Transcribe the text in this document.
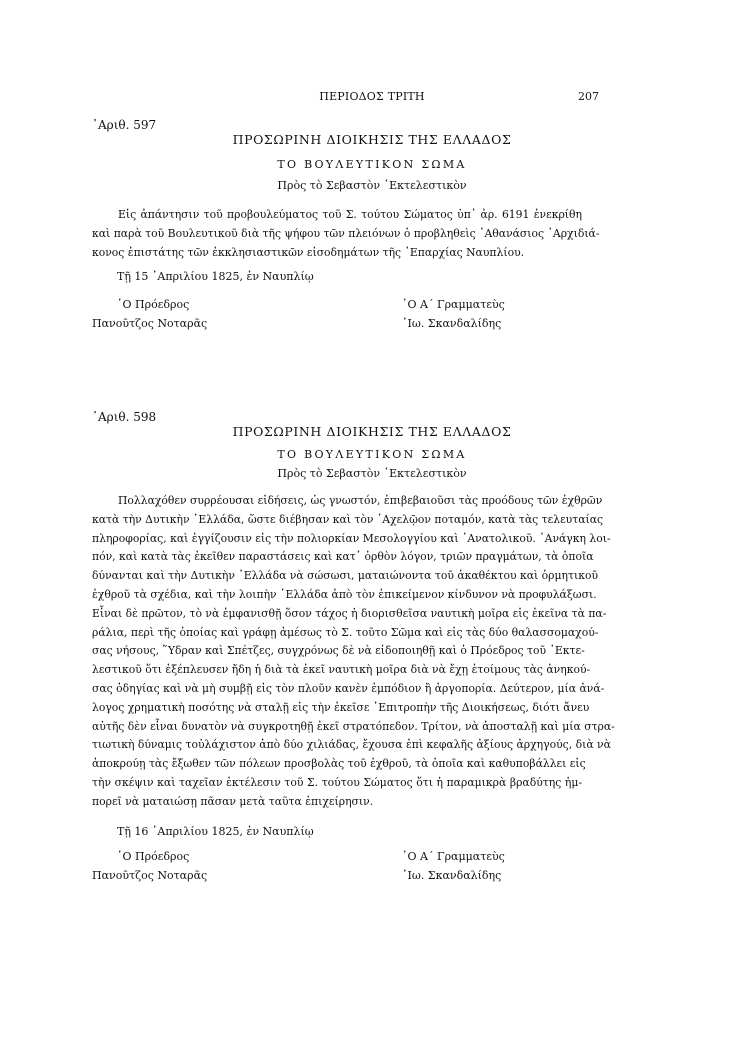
ΠΕΡΙΟΔΟΣ ΤΡΙΤΗ	207
᾿Αριθ. 597
ΠΡΟΣΩΡΙΝΗ ΔΙΟΙΚΗΣΙΣ ΤΗΣ ΕΛΛΑΔΟΣ
ΤΟ ΒΟΥΛΕΥΤΙΚΟΝ ΣΩΜΑ
Πρὸς τὸ Σεβαστὸν ᾿Εκτελεστικὸν
Εἰς ἀπάντησιν τοῦ προβουλεύματος τοῦ Σ. τούτου Σώματος ὑπ᾿ ἀρ. 6191 ἐνεκρίθη
καὶ παρὰ τοῦ Βουλευτικοῦ διὰ τῆς ψήφου τῶν πλειόνων ὁ προβληθεὶς ᾿Αθανάσιος ᾿Αρχιδιά-
κονος ἐπιστάτης τῶν ἐκκλησιαστικῶν εἰσοδημάτων τῆς ᾿Επαρχίας Ναυπλίου.
Τῇ 15 ᾿Απριλίου 1825, ἐν Ναυπλίῳ
῾Ο Πρόεδρος
Πανοῦτζος Νοταρᾶς
῾Ο Α΄ Γραμματεὺς
᾿Ιω. Σκανδαλίδης
᾿Αριθ. 598
ΠΡΟΣΩΡΙΝΗ ΔΙΟΙΚΗΣΙΣ ΤΗΣ ΕΛΛΑΔΟΣ
ΤΟ ΒΟΥΛΕΥΤΙΚΟΝ ΣΩΜΑ
Πρὸς τὸ Σεβαστὸν ᾿Εκτελεστικὸν
Πολλαχόθεν συρρέουσαι εἰδήσεις, ὡς γνωστόν, ἐπιβεβαιοῦσι τὰς προόδους τῶν ἐχθρῶν
κατὰ τὴν Δυτικὴν ῾Ελλάδα, ὥστε διέβησαν καὶ τὸν ᾿Αχελῷον ποταμόν, κατὰ τὰς τελευταίας
πληροφορίας, καὶ ἐγγίζουσιν εἰς τὴν πολιορκίαν Μεσολογγίου καὶ ᾿Ανατολικοῦ. ᾿Ανάγκη λοι-
πόν, καὶ κατὰ τὰς ἐκεῖθεν παραστάσεις καὶ κατ᾿ ὀρθὸν λόγον, τριῶν πραγμάτων, τὰ ὁποῖα
δύνανται καὶ τὴν Δυτικὴν ῾Ελλάδα νὰ σώσωσι, ματαιώνοντα τοῦ ἀκαθέκτου καὶ ὁρμητικοῦ
ἐχθροῦ τὰ σχέδια, καὶ τὴν λοιπὴν ῾Ελλάδα ἀπὸ τὸν ἐπικείμενον κίνδυνον νὰ προφυλάξωσι.
Εἶναι δὲ πρῶτον, τὸ νὰ ἐμφανισθῇ ὅσον τάχος ἡ διορισθεῖσα ναυτικὴ μοῖρα εἰς ἐκεῖνα τὰ πα-
ράλια, περὶ τῆς ὁποίας καὶ γράφῃ ἀμέσως τὸ Σ. τοῦτο Σῶμα καὶ εἰς τὰς δύο θαλασσομαχού-
σας νήσους, ῞Υδραν καὶ Σπέτζες, συγχρόνως δὲ νὰ εἰδοποιηθῇ καὶ ὁ Πρόεδρος τοῦ ᾿Εκτε-
λεστικοῦ ὅτι ἐξέπλευσεν ἤδη ἡ διὰ τὰ ἐκεῖ ναυτικὴ μοῖρα διὰ νὰ ἔχῃ ἑτοίμους τὰς ἀνηκού-
σας ὁδηγίας καὶ νὰ μὴ συμβῇ εἰς τὸν πλοῦν κανὲν ἐμπόδιον ἢ ἀργοπορία. Δεύτερον, μία ἀνά-
λογος χρηματικὴ ποσότης νὰ σταλῇ εἰς τὴν ἐκεῖσε ᾿Επιτροπὴν τῆς Διοικήσεως, διότι ἄνευ
αὐτῆς δὲν εἶναι δυνατὸν νὰ συγκροτηθῇ ἐκεῖ στρατόπεδον. Τρίτον, νὰ ἀποσταλῇ καὶ μία στρα-
τιωτικὴ δύναμις τοὐλάχιστον ἀπὸ δύο χιλιάδας, ἔχουσα ἐπὶ κεφαλῆς ἀξίους ἀρχηγούς, διὰ νὰ
ἀποκρούῃ τὰς ἔξωθεν τῶν πόλεων προσβολὰς τοῦ ἐχθροῦ, τὰ ὁποῖα καὶ καθυποβάλλει εἰς
τὴν σκέψιν καὶ ταχεῖαν ἐκτέλεσιν τοῦ Σ. τούτου Σώματος ὅτι ἡ παραμικρὰ βραδύτης ἠμ-
πορεῖ νὰ ματαιώσῃ πᾶσαν μετὰ ταῦτα ἐπιχείρησιν.
Τῇ 16 ᾿Απριλίου 1825, ἐν Ναυπλίῳ
῾Ο Πρόεδρος
Πανοῦτζος Νοταρᾶς
῾Ο Α΄ Γραμματεὺς
᾿Ιω. Σκανδαλίδης
